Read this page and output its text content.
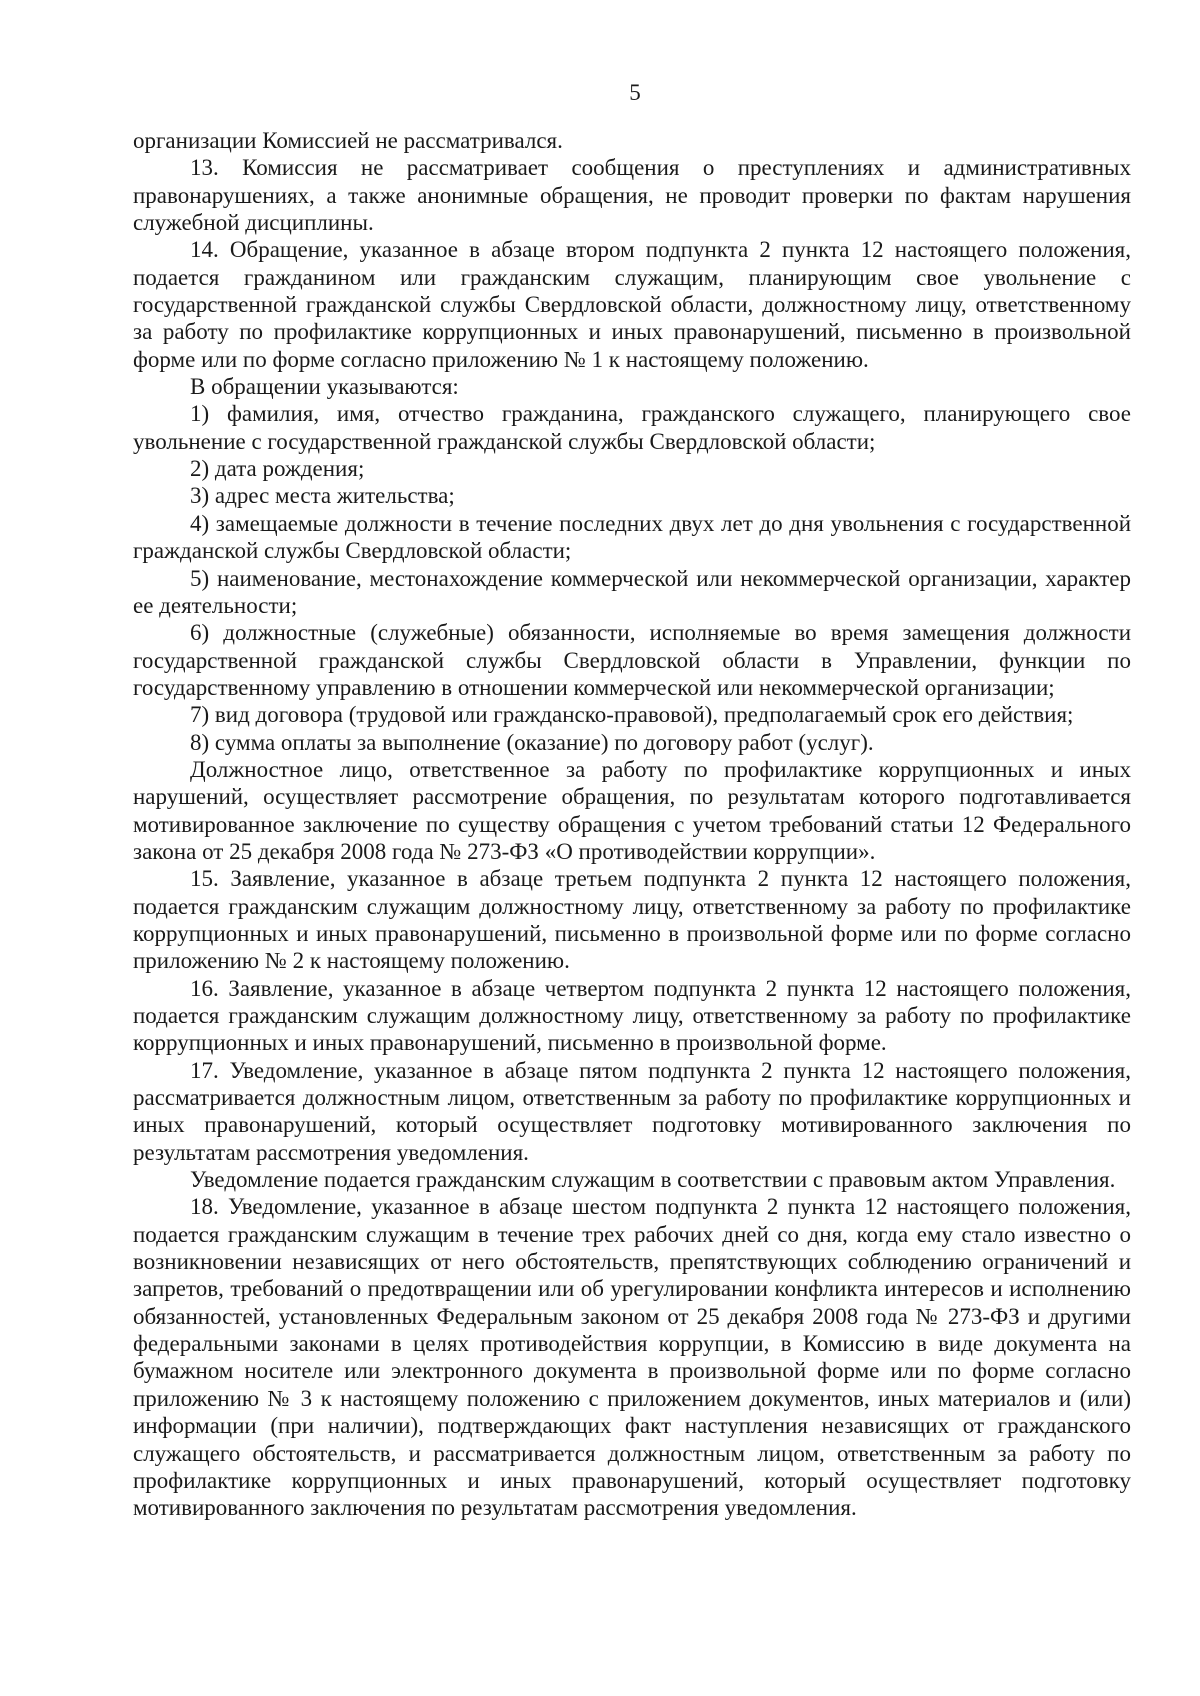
5

организации Комиссией не рассматривался.

13. Комиссия не рассматривает сообщения о преступлениях и административных правонарушениях, а также анонимные обращения, не проводит проверки по фактам нарушения служебной дисциплины.

14. Обращение, указанное в абзаце втором подпункта 2 пункта 12 настоящего положения, подается гражданином или гражданским служащим, планирующим свое увольнение с государственной гражданской службы Свердловской области, должностному лицу, ответственному за работу по профилактике коррупционных и иных правонарушений, письменно в произвольной форме или по форме согласно приложению № 1 к настоящему положению.

В обращении указываются:

1) фамилия, имя, отчество гражданина, гражданского служащего, планирующего свое увольнение с государственной гражданской службы Свердловской области;

2) дата рождения;

3) адрес места жительства;

4) замещаемые должности в течение последних двух лет до дня увольнения с государственной гражданской службы Свердловской области;

5) наименование, местонахождение коммерческой или некоммерческой организации, характер ее деятельности;

6) должностные (служебные) обязанности, исполняемые во время замещения должности государственной гражданской службы Свердловской области в Управлении, функции по государственному управлению в отношении коммерческой или некоммерческой организации;

7) вид договора (трудовой или гражданско-правовой), предполагаемый срок его действия;

8) сумма оплаты за выполнение (оказание) по договору работ (услуг).

Должностное лицо, ответственное за работу по профилактике коррупционных и иных нарушений, осуществляет рассмотрение обращения, по результатам которого подготавливается мотивированное заключение по существу обращения с учетом требований статьи 12 Федерального закона от 25 декабря 2008 года № 273-ФЗ «О противодействии коррупции».

15. Заявление, указанное в абзаце третьем подпункта 2 пункта 12 настоящего положения, подается гражданским служащим должностному лицу, ответственному за работу по профилактике коррупционных и иных правонарушений, письменно в произвольной форме или по форме согласно приложению № 2 к настоящему положению.

16. Заявление, указанное в абзаце четвертом подпункта 2 пункта 12 настоящего положения, подается гражданским служащим должностному лицу, ответственному за работу по профилактике коррупционных и иных правонарушений, письменно в произвольной форме.

17. Уведомление, указанное в абзаце пятом подпункта 2 пункта 12 настоящего положения, рассматривается должностным лицом, ответственным за работу по профилактике коррупционных и иных правонарушений, который осуществляет подготовку мотивированного заключения по результатам рассмотрения уведомления.

Уведомление подается гражданским служащим в соответствии с правовым актом Управления.

18. Уведомление, указанное в абзаце шестом подпункта 2 пункта 12 настоящего положения, подается гражданским служащим в течение трех рабочих дней со дня, когда ему стало известно о возникновении независящих от него обстоятельств, препятствующих соблюдению ограничений и запретов, требований о предотвращении или об урегулировании конфликта интересов и исполнению обязанностей, установленных Федеральным законом от 25 декабря 2008 года № 273-ФЗ и другими федеральными законами в целях противодействия коррупции, в Комиссию в виде документа на бумажном носителе или электронного документа в произвольной форме или по форме согласно приложению № 3 к настоящему положению с приложением документов, иных материалов и (или) информации (при наличии), подтверждающих факт наступления независящих от гражданского служащего обстоятельств, и рассматривается должностным лицом, ответственным за работу по профилактике коррупционных и иных правонарушений, который осуществляет подготовку мотивированного заключения по результатам рассмотрения уведомления.
